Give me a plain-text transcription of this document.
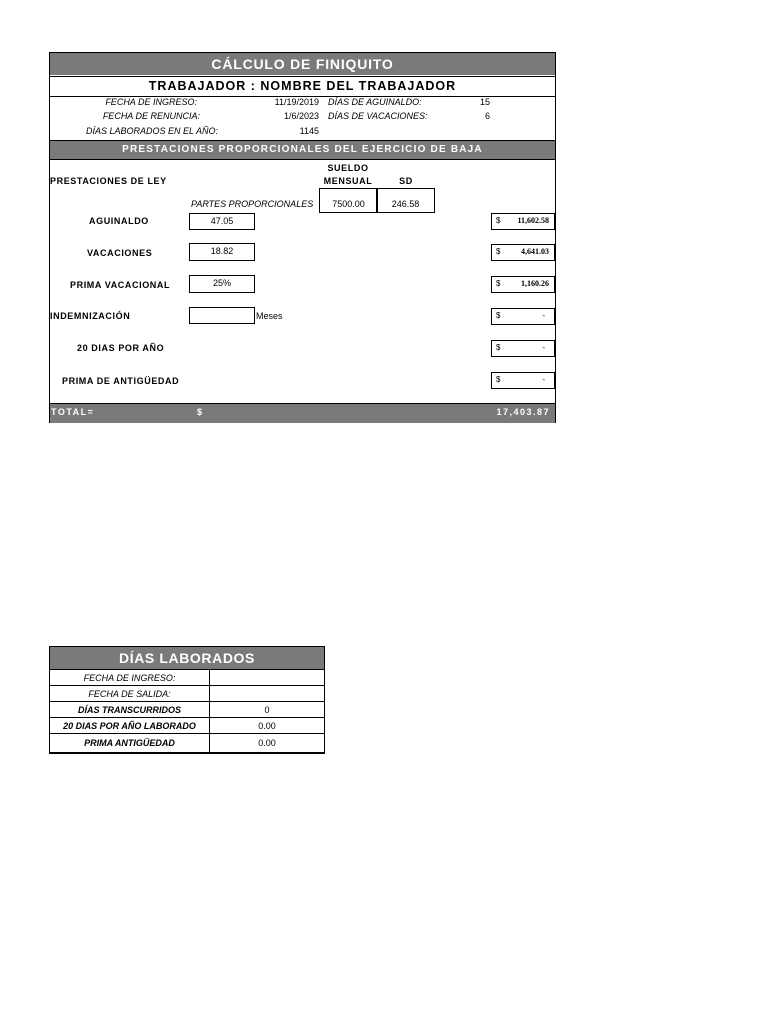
CÁLCULO DE FINIQUITO
TRABAJADOR : NOMBRE DEL TRABAJADOR
FECHA DE INGRESO:	11/19/2019 DÍAS DE AGUINALDO:	15
FECHA DE RENUNCIA:	1/6/2023 DÍAS DE VACACIONES:	6
DÍAS LABORADOS EN EL AÑO:	1145
PRESTACIONES PROPORCIONALES DEL EJERCICIO DE BAJA
PRESTACIONES DE LEY
SUELDO
MENSUAL	SD
PARTES PROPORCIONALES	7500.00	246.58
AGUINALDO	47.05	$ 11,602.58
VACACIONES	18.82	$	4,641.03
PRIMA VACACIONAL	25%	$	1,160.26
INDEMNIZACIÓN	Meses	$	-
20 DIAS POR AÑO	$	-
PRIMA DE ANTIGÜEDAD	$	-
TOTAL=	$	17,403.87
DÍAS LABORADOS
FECHA DE INGRESO:	
FECHA DE SALIDA:	
DÍAS TRANSCURRIDOS	0
20 DIAS POR AÑO LABORADO	0.00
PRIMA ANTIGÜEDAD	0.00
